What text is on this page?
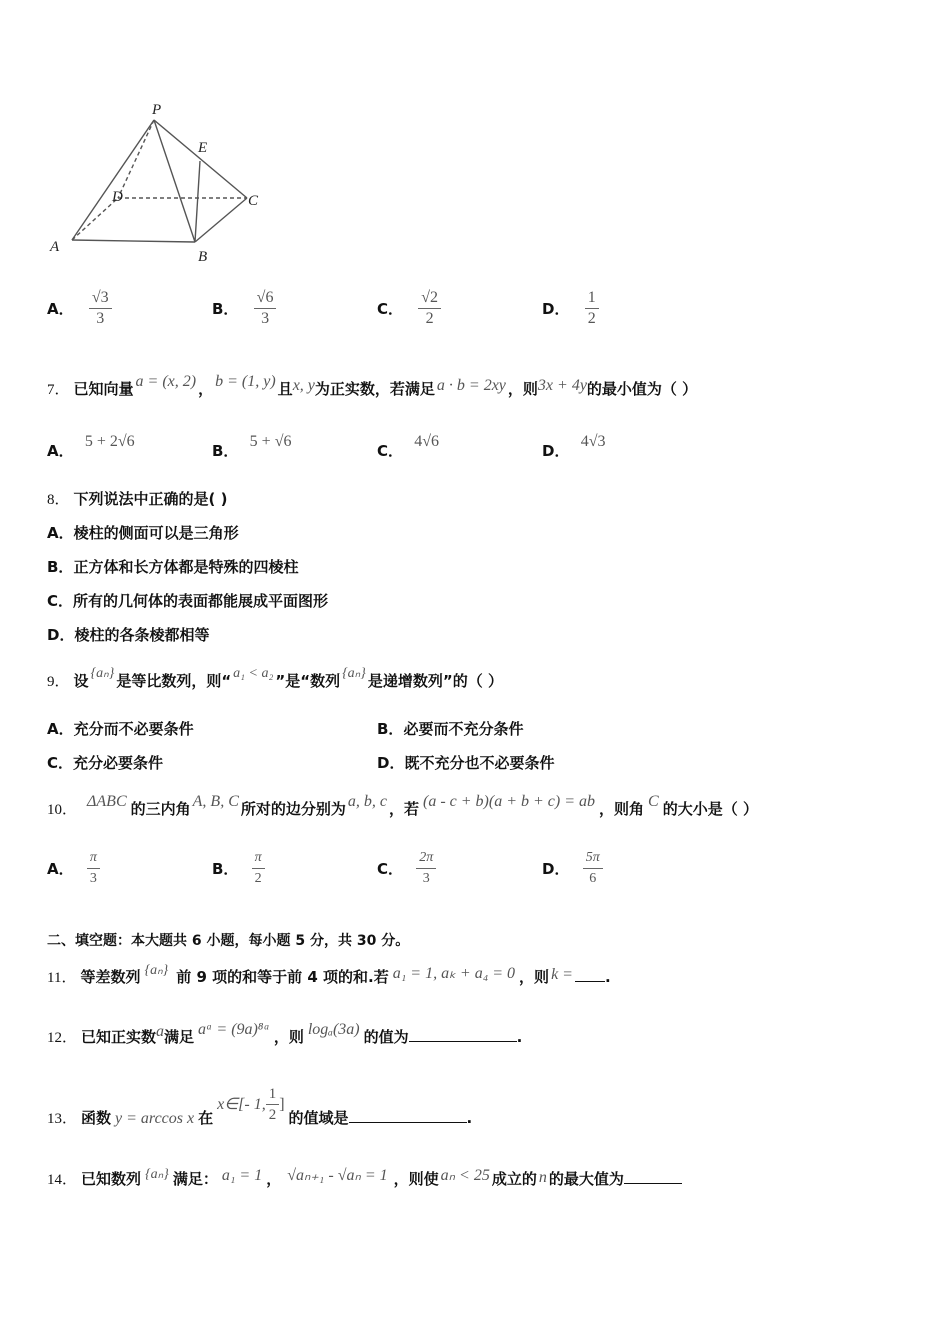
P
E
D	C
A
B
A． $\frac{√3}{3}$	B． $\frac{√6}{3}$	C． $\frac{√2}{2}$	D． $\frac{1}{2}$
7． 已知向量 a = (x, 2) ， b = (1, y) 且x, y为正实数，若满足 a · b = 2xy ，则3x + 4y的最小值为（ ）
A． 5 + 2√6
B． 5 + √6
C． 4√6
D． 4√3
8． 下列说法中正确的是( )
A．棱柱的侧面可以是三角形
B．正方体和长方体都是特殊的四棱柱
C．所有的几何体的表面都能展成平面图形
D．棱柱的各条棱都相等
9． 设 {aₙ} 是等比数列，则“ a₁ < a₂ ”是“数列 {aₙ} 是递增数列”的（ ）
A．充分而不必要条件	B．必要而不充分条件
C．充分必要条件	D．既不充分也不必要条件
10． ΔABC 的三内角 A, B, C 所对的边分别为 a, b, c ，若 (a - c + b)(a + b + c) = ab ，则角 C 的大小是（ ）
A． $\frac{\pi}{3}$	B． $\frac{\pi}{2}$	C． $\frac{2\pi}{3}$	D． $\frac{5\pi}{6}$
二、填空题：本大题共 6 小题，每小题 5 分，共 30 分。
11． 等差数列 {aₙ} 前 9 项的和等于前 4 项的和.若 a₁ = 1, aₖ + a₄ = 0 ，则 k = .
12． 已知正实数a满足 aᵃ = (9a)⁸ᵃ ，则 logₐ(3a) 的值为	.
13． 函数 y = arccos x 在x∈[- 1, $\frac{1}{2}$ ]的值域是	.
14． 已知数列 {aₙ} 满足： a₁ = 1 ， √aₙ₊₁ - √aₙ = 1 ，则使 aₙ < 25 成立的 n 的最大值为
